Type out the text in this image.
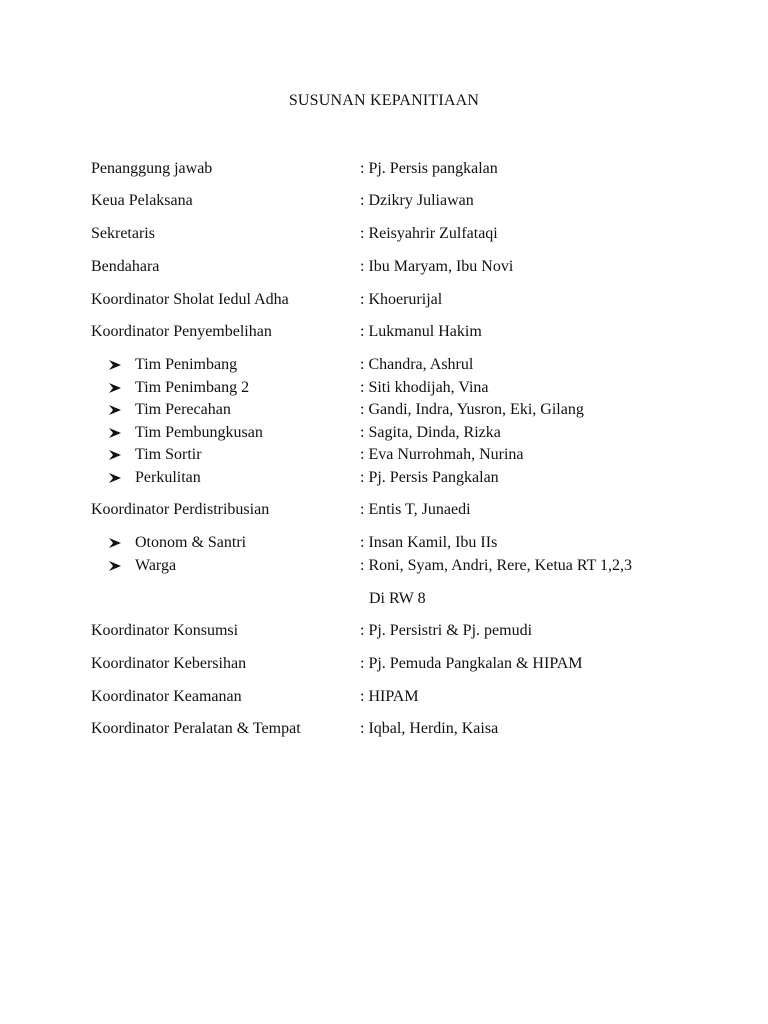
SUSUNAN KEPANITIAAN
Penanggung jawab	: Pj. Persis pangkalan
Keua Pelaksana	: Dzikry Juliawan
Sekretaris	: Reisyahrir Zulfataqi
Bendahara	: Ibu Maryam, Ibu Novi
Koordinator Sholat Iedul Adha	: Khoerurijal
Koordinator Penyembelihan	: Lukmanul Hakim
Tim Penimbang	: Chandra, Ashrul
Tim Penimbang 2	: Siti khodijah, Vina
Tim Perecahan	: Gandi, Indra, Yusron, Eki, Gilang
Tim Pembungkusan	: Sagita, Dinda, Rizka
Tim Sortir	: Eva Nurrohmah, Nurina
Perkulitan	: Pj. Persis Pangkalan
Koordinator Perdistribusian	: Entis T, Junaedi
Otonom & Santri	: Insan Kamil, Ibu IIs
Warga	: Roni, Syam, Andri, Rere, Ketua RT 1,2,3
Di RW 8
Koordinator Konsumsi	: Pj. Persistri & Pj. pemudi
Koordinator Kebersihan	: Pj. Pemuda Pangkalan & HIPAM
Koordinator Keamanan	: HIPAM
Koordinator Peralatan & Tempat	: Iqbal, Herdin, Kaisa
